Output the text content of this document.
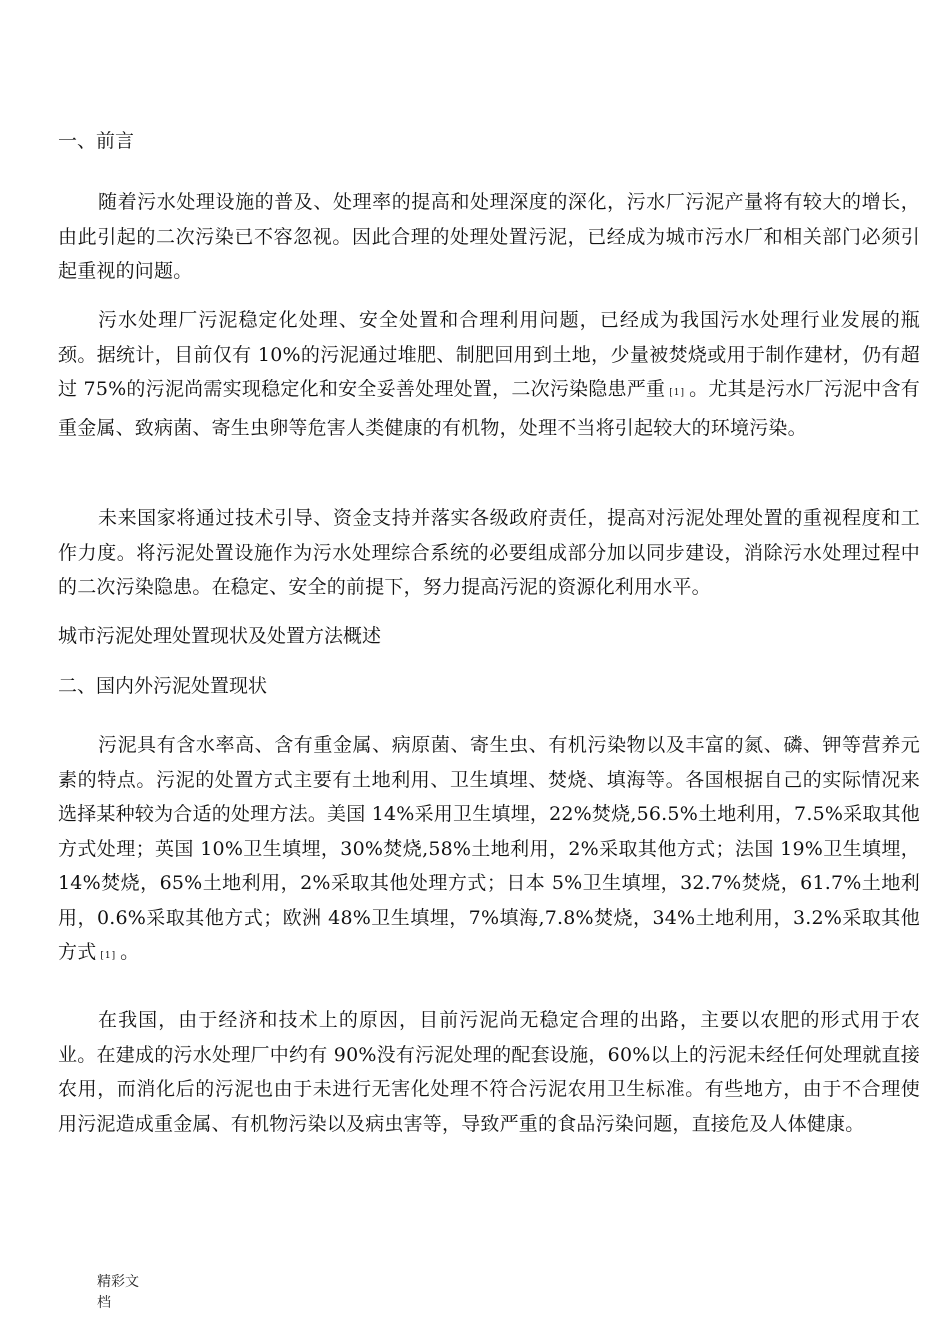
一、前言

随着污水处理设施的普及、处理率的提高和处理深度的深化，污水厂污泥产量将有较大的增长，由此引起的二次污染已不容忽视。因此合理的处理处置污泥，已经成为城市污水厂和相关部门必须引起重视的问题。

污水处理厂污泥稳定化处理、安全处置和合理利用问题，已经成为我国污水处理行业发展的瓶颈。据统计，目前仅有 10%的污泥通过堆肥、制肥回用到土地，少量被焚烧或用于制作建材，仍有超过 75%的污泥尚需实现稳定化和安全妥善处理处置，二次污染隐患严重 [1] 。尤其是污水厂污泥中含有重金属、致病菌、寄生虫卵等危害人类健康的有机物，处理不当将引起较大的环境污染。

未来国家将通过技术引导、资金支持并落实各级政府责任，提高对污泥处理处置的重视程度和工作力度。将污泥处置设施作为污水处理综合系统的必要组成部分加以同步建设，消除污水处理过程中的二次污染隐患。在稳定、安全的前提下，努力提高污泥的资源化利用水平。

城市污泥处理处置现状及处置方法概述
二、国内外污泥处置现状

污泥具有含水率高、含有重金属、病原菌、寄生虫、有机污染物以及丰富的氮、磷、钾等营养元素的特点。污泥的处置方式主要有土地利用、卫生填埋、焚烧、填海等。各国根据自己的实际情况来选择某种较为合适的处理方法。美国 14%采用卫生填埋，22%焚烧,56.5%土地利用，7.5%采取其他方式处理；英国 10%卫生填埋，30%焚烧,58%土地利用，2%采取其他方式；法国 19%卫生填埋，14%焚烧，65%土地利用，2%采取其他处理方式；日本 5%卫生填埋，32.7%焚烧，61.7%土地利用，0.6%采取其他方式；欧洲 48%卫生填埋，7%填海,7.8%焚烧，34%土地利用，3.2%采取其他方式 [1] 。

在我国，由于经济和技术上的原因，目前污泥尚无稳定合理的出路，主要以农肥的形式用于农业。在建成的污水处理厂中约有 90%没有污泥处理的配套设施，60%以上的污泥未经任何处理就直接农用，而消化后的污泥也由于未进行无害化处理不符合污泥农用卫生标准。有些地方，由于不合理使用污泥造成重金属、有机物污染以及病虫害等，导致严重的食品污染问题，直接危及人体健康。

精彩文档
